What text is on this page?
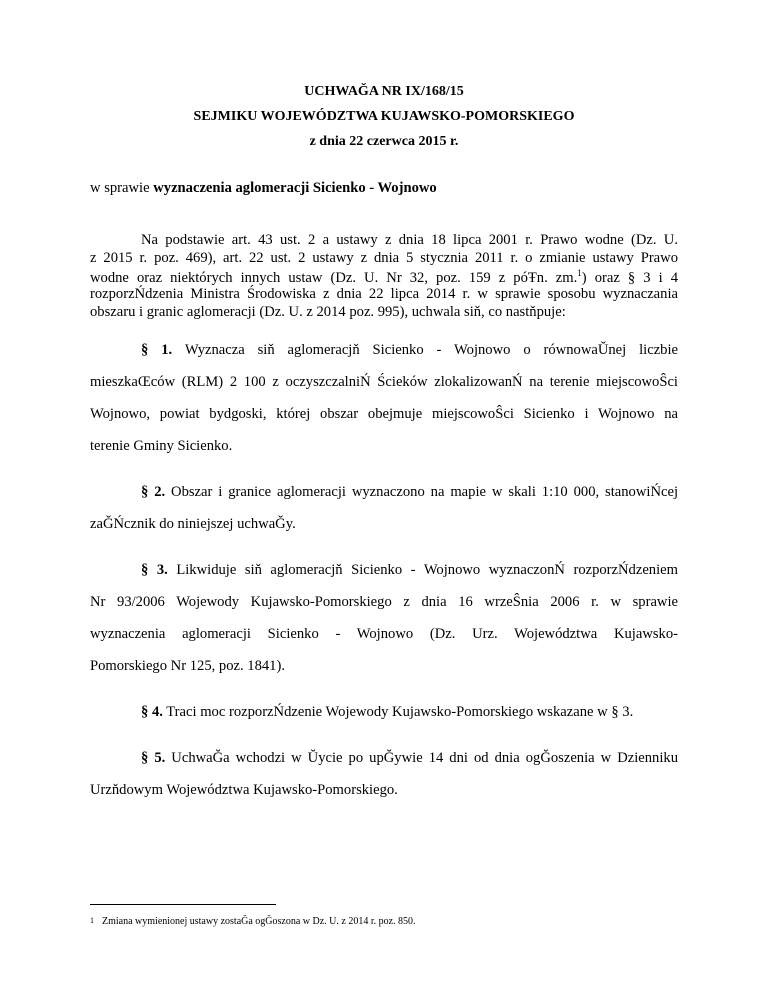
UCHWAĞA NR IX/168/15
SEJMIKU WOJEWÓDZTWA KUJAWSKO-POMORSKIEGO
z dnia 22 czerwca 2015 r.
w sprawie wyznaczenia aglomeracji Sicienko - Wojnowo
Na podstawie art. 43 ust. 2 a ustawy z dnia 18 lipca 2001 r. Prawo wodne (Dz. U.
z 2015 r. poz. 469), art. 22 ust. 2 ustawy z dnia 5 stycznia 2011 r. o zmianie ustawy Prawo
wodne oraz niektórych innych ustaw (Dz. U. Nr 32, poz. 159 z póŦn. zm.$^1$) oraz § 3 i 4
rozporzŃdzenia Ministra Środowiska z dnia 22 lipca 2014 r. w sprawie sposobu wyznaczania
obszaru i granic aglomeracji (Dz. U. z 2014 poz. 995), uchwala siň, co nastňpuje:
§ 1. Wyznacza siň aglomeracjň Sicienko - Wojnowo o równowaŬnej liczbie
mieszkaŒców (RLM) 2 100 z oczyszczalniŃ Ścieków zlokalizowanŃ na terenie miejscowoŜci
Wojnowo, powiat bydgoski, której obszar obejmuje miejscowoŜci Sicienko i Wojnowo na
terenie Gminy Sicienko.
§ 2. Obszar i granice aglomeracji wyznaczono na mapie w skali 1:10 000, stanowiŃcej
zaĞŃcznik do niniejszej uchwaĞy.
§ 3. Likwiduje siň aglomeracjň Sicienko - Wojnowo wyznaczonŃ rozporzŃdzeniem
Nr 93/2006 Wojewody Kujawsko-Pomorskiego z dnia 16 wrzeŜnia 2006 r. w sprawie
wyznaczenia aglomeracji Sicienko - Wojnowo (Dz. Urz. Województwa Kujawsko-
Pomorskiego Nr 125, poz. 1841).
§ 4. Traci moc rozporzŃdzenie Wojewody Kujawsko-Pomorskiego wskazane w § 3.
§ 5. UchwaĞa wchodzi w Ŭycie po upĞywie 14 dni od dnia ogĞoszenia w Dzienniku
Urzňdowym Województwa Kujawsko-Pomorskiego.
$^1$ Zmiana wymienionej ustawy zostaĞa ogĞoszona w Dz. U. z 2014 r. poz. 850.
